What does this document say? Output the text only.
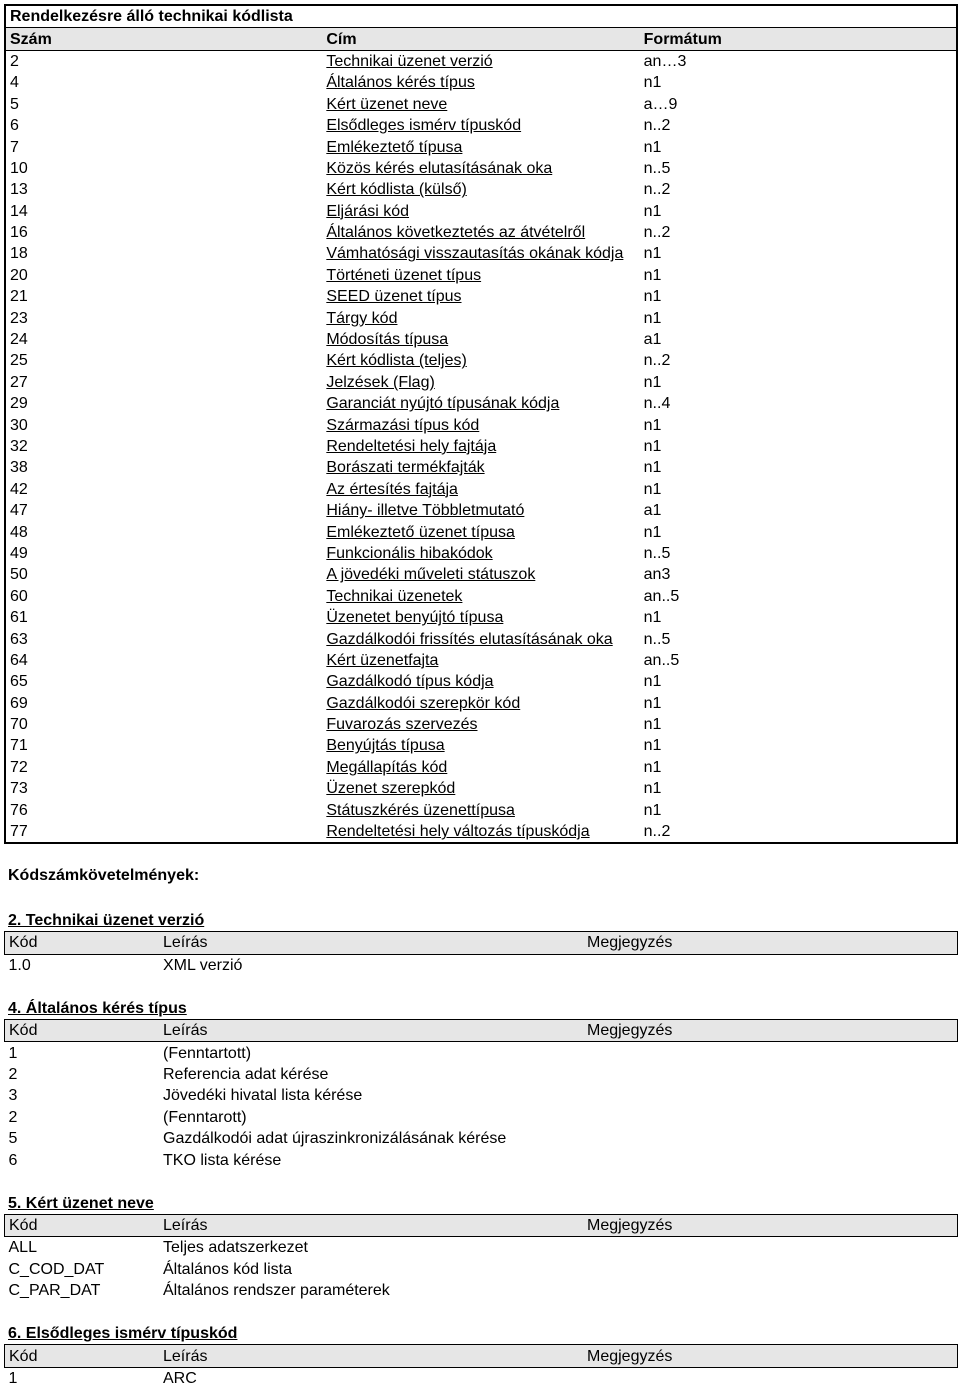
Rendelkezésre álló technikai kódlista		
Szám	Cím	Formátum
2	Technikai üzenet verzió	an…3
4	Általános kérés típus	n1
5	Kért üzenet neve	a…9
6	Elsődleges ismérv típuskód	n..2
7	Emlékeztető típusa	n1
10	Közös kérés elutasításának oka	n..5
13	Kért kódlista (külső)	n..2
14	Eljárási kód	n1
16	Általános következtetés az átvételről	n..2
18	Vámhatósági visszautasítás okának kódja	n1
20	Történeti üzenet típus	n1
21	SEED üzenet típus	n1
23	Tárgy kód	n1
24	Módosítás típusa	a1
25	Kért kódlista (teljes)	n..2
27	Jelzések (Flag)	n1
29	Garanciát nyújtó típusának kódja	n..4
30	Származási típus kód	n1
32	Rendeltetési hely fajtája	n1
38	Borászati termékfajták	n1
42	Az értesítés fajtája	n1
47	Hiány- illetve Többletmutató	a1
48	Emlékeztető üzenet típusa	n1
49	Funkcionális hibakódok	n..5
50	A jövedéki műveleti státuszok	an3
60	Technikai üzenetek	an..5
61	Üzenetet benyújtó típusa	n1
63	Gazdálkodói frissítés elutasításának oka	n..5
64	Kért üzenetfajta	an..5
65	Gazdálkodó típus kódja	n1
69	Gazdálkodói szerepkör kód	n1
70	Fuvarozás szervezés	n1
71	Benyújtás típusa	n1
72	Megállapítás kód	n1
73	Üzenet szerepkód	n1
76	Státuszkérés üzenettípusa	n1
77	Rendeltetési hely változás típuskódja	n..2
Kódszámkövetelmények:
2. Technikai üzenet verzió
Kód	Leírás	Megjegyzés
1.0	XML verzió	
4. Általános kérés típus
Kód	Leírás	Megjegyzés
1	(Fenntartott)	
2	Referencia adat kérése	
3	Jövedéki hivatal lista kérése	
2	(Fenntarott)	
5	Gazdálkodói adat újraszinkronizálásának kérése	
6	TKO lista kérése	
5. Kért üzenet neve
Kód	Leírás	Megjegyzés
ALL	Teljes adatszerkezet	
C_COD_DAT	Általános kód lista	
C_PAR_DAT	Általános rendszer paraméterek	
6. Elsődleges ismérv típuskód
Kód	Leírás	Megjegyzés
1	ARC	
